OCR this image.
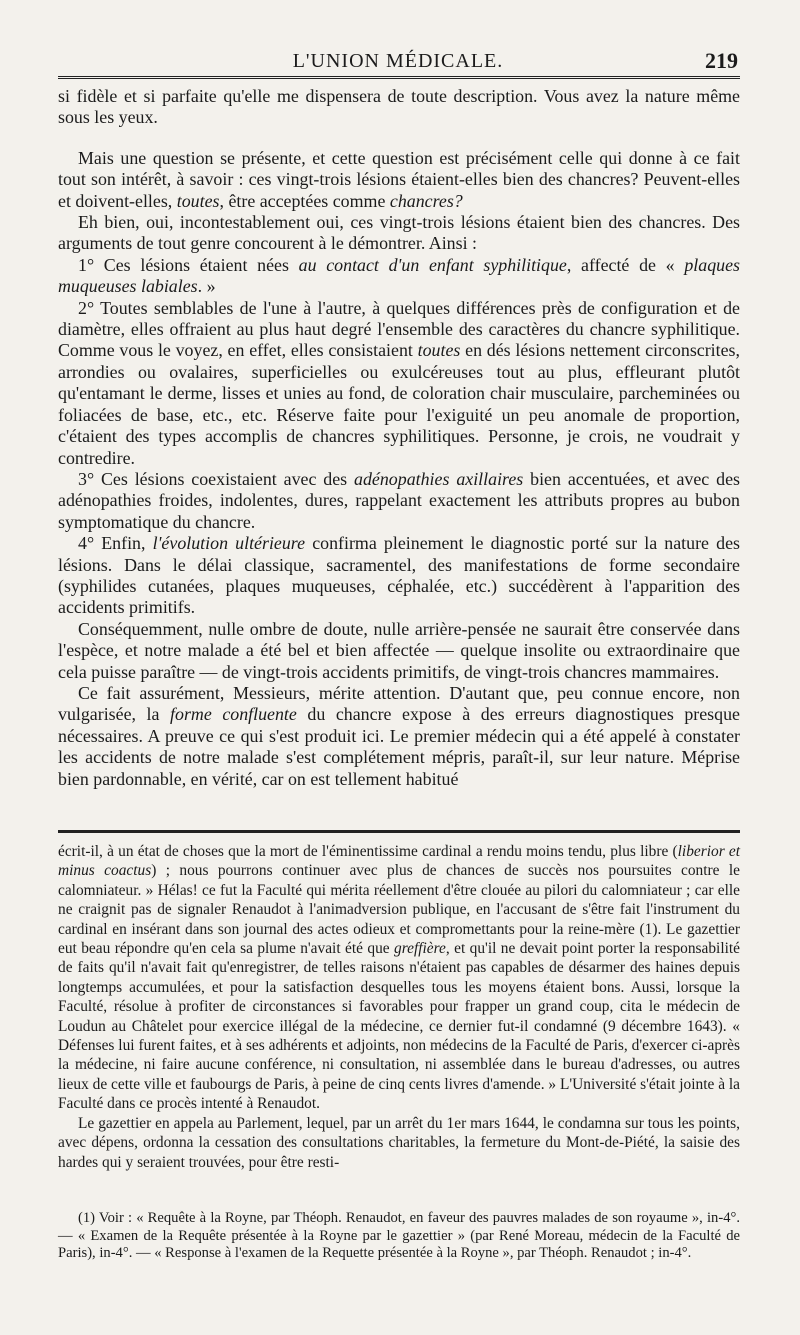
L'UNION MÉDICALE.	219

si fidèle et si parfaite qu'elle me dispensera de toute description. Vous avez la nature même sous les yeux.

Mais une question se présente, et cette question est précisément celle qui donne à ce fait tout son intérêt, à savoir : ces vingt-trois lésions étaient-elles bien des chancres? Peuvent-elles et doivent-elles, toutes, être acceptées comme chancres?

Eh bien, oui, incontestablement oui, ces vingt-trois lésions étaient bien des chancres. Des arguments de tout genre concourent à le démontrer. Ainsi :

1° Ces lésions étaient nées au contact d'un enfant syphilitique, affecté de « plaques muqueuses labiales. »

2° Toutes semblables de l'une à l'autre, à quelques différences près de configuration et de diamètre, elles offraient au plus haut degré l'ensemble des caractères du chancre syphilitique. Comme vous le voyez, en effet, elles consistaient toutes en dés lésions nettement circonscrites, arrondies ou ovalaires, superficielles ou exulcéreuses tout au plus, effleurant plutôt qu'entamant le derme, lisses et unies au fond, de coloration chair musculaire, parcheminées ou foliacées de base, etc., etc. Réserve faite pour l'exiguité un peu anomale de proportion, c'étaient des types accomplis de chancres syphilitiques. Personne, je crois, ne voudrait y contredire.

3° Ces lésions coexistaient avec des adénopathies axillaires bien accentuées, et avec des adénopathies froides, indolentes, dures, rappelant exactement les attributs propres au bubon symptomatique du chancre.

4° Enfin, l'évolution ultérieure confirma pleinement le diagnostic porté sur la nature des lésions. Dans le délai classique, sacramentel, des manifestations de forme secondaire (syphilides cutanées, plaques muqueuses, céphalée, etc.) succédèrent à l'apparition des accidents primitifs.

Conséquemment, nulle ombre de doute, nulle arrière-pensée ne saurait être conservée dans l'espèce, et notre malade a été bel et bien affectée — quelque insolite ou extraordinaire que cela puisse paraître — de vingt-trois accidents primitifs, de vingt-trois chancres mammaires.

Ce fait assurément, Messieurs, mérite attention. D'autant que, peu connue encore, non vulgarisée, la forme confluente du chancre expose à des erreurs diagnostiques presque nécessaires. A preuve ce qui s'est produit ici. Le premier médecin qui a été appelé à constater les accidents de notre malade s'est complétement mépris, paraît-il, sur leur nature. Méprise bien pardonnable, en vérité, car on est tellement habitué

écrit-il, à un état de choses que la mort de l'éminentissime cardinal a rendu moins tendu, plus libre (liberior et minus coactus) ; nous pourrons continuer avec plus de chances de succès nos poursuites contre le calomniateur. » Hélas! ce fut la Faculté qui mérita réellement d'être clouée au pilori du calomniateur ; car elle ne craignit pas de signaler Renaudot à l'animadversion publique, en l'accusant de s'être fait l'instrument du cardinal en insérant dans son journal des actes odieux et compromettants pour la reine-mère (1). Le gazettier eut beau répondre qu'en cela sa plume n'avait été que greffière, et qu'il ne devait point porter la responsabilité de faits qu'il n'avait fait qu'enregistrer, de telles raisons n'étaient pas capables de désarmer des haines depuis longtemps accumulées, et pour la satisfaction desquelles tous les moyens étaient bons. Aussi, lorsque la Faculté, résolue à profiter de circonstances si favorables pour frapper un grand coup, cita le médecin de Loudun au Châtelet pour exercice illégal de la médecine, ce dernier fut-il condamné (9 décembre 1643). « Défenses lui furent faites, et à ses adhérents et adjoints, non médecins de la Faculté de Paris, d'exercer ci-après la médecine, ni faire aucune conférence, ni consultation, ni assemblée dans le bureau d'adresses, ou autres lieux de cette ville et faubourgs de Paris, à peine de cinq cents livres d'amende. » L'Université s'était jointe à la Faculté dans ce procès intenté à Renaudot.

Le gazettier en appela au Parlement, lequel, par un arrêt du 1er mars 1644, le condamna sur tous les points, avec dépens, ordonna la cessation des consultations charitables, la fermeture du Mont-de-Piété, la saisie des hardes qui y seraient trouvées, pour être resti-

(1) Voir : « Requête à la Royne, par Théoph. Renaudot, en faveur des pauvres malades de son royaume », in-4°. — « Examen de la Requête présentée à la Royne par le gazettier » (par René Moreau, médecin de la Faculté de Paris), in-4°. — « Response à l'examen de la Requette présentée à la Royne », par Théoph. Renaudot ; in-4°.
